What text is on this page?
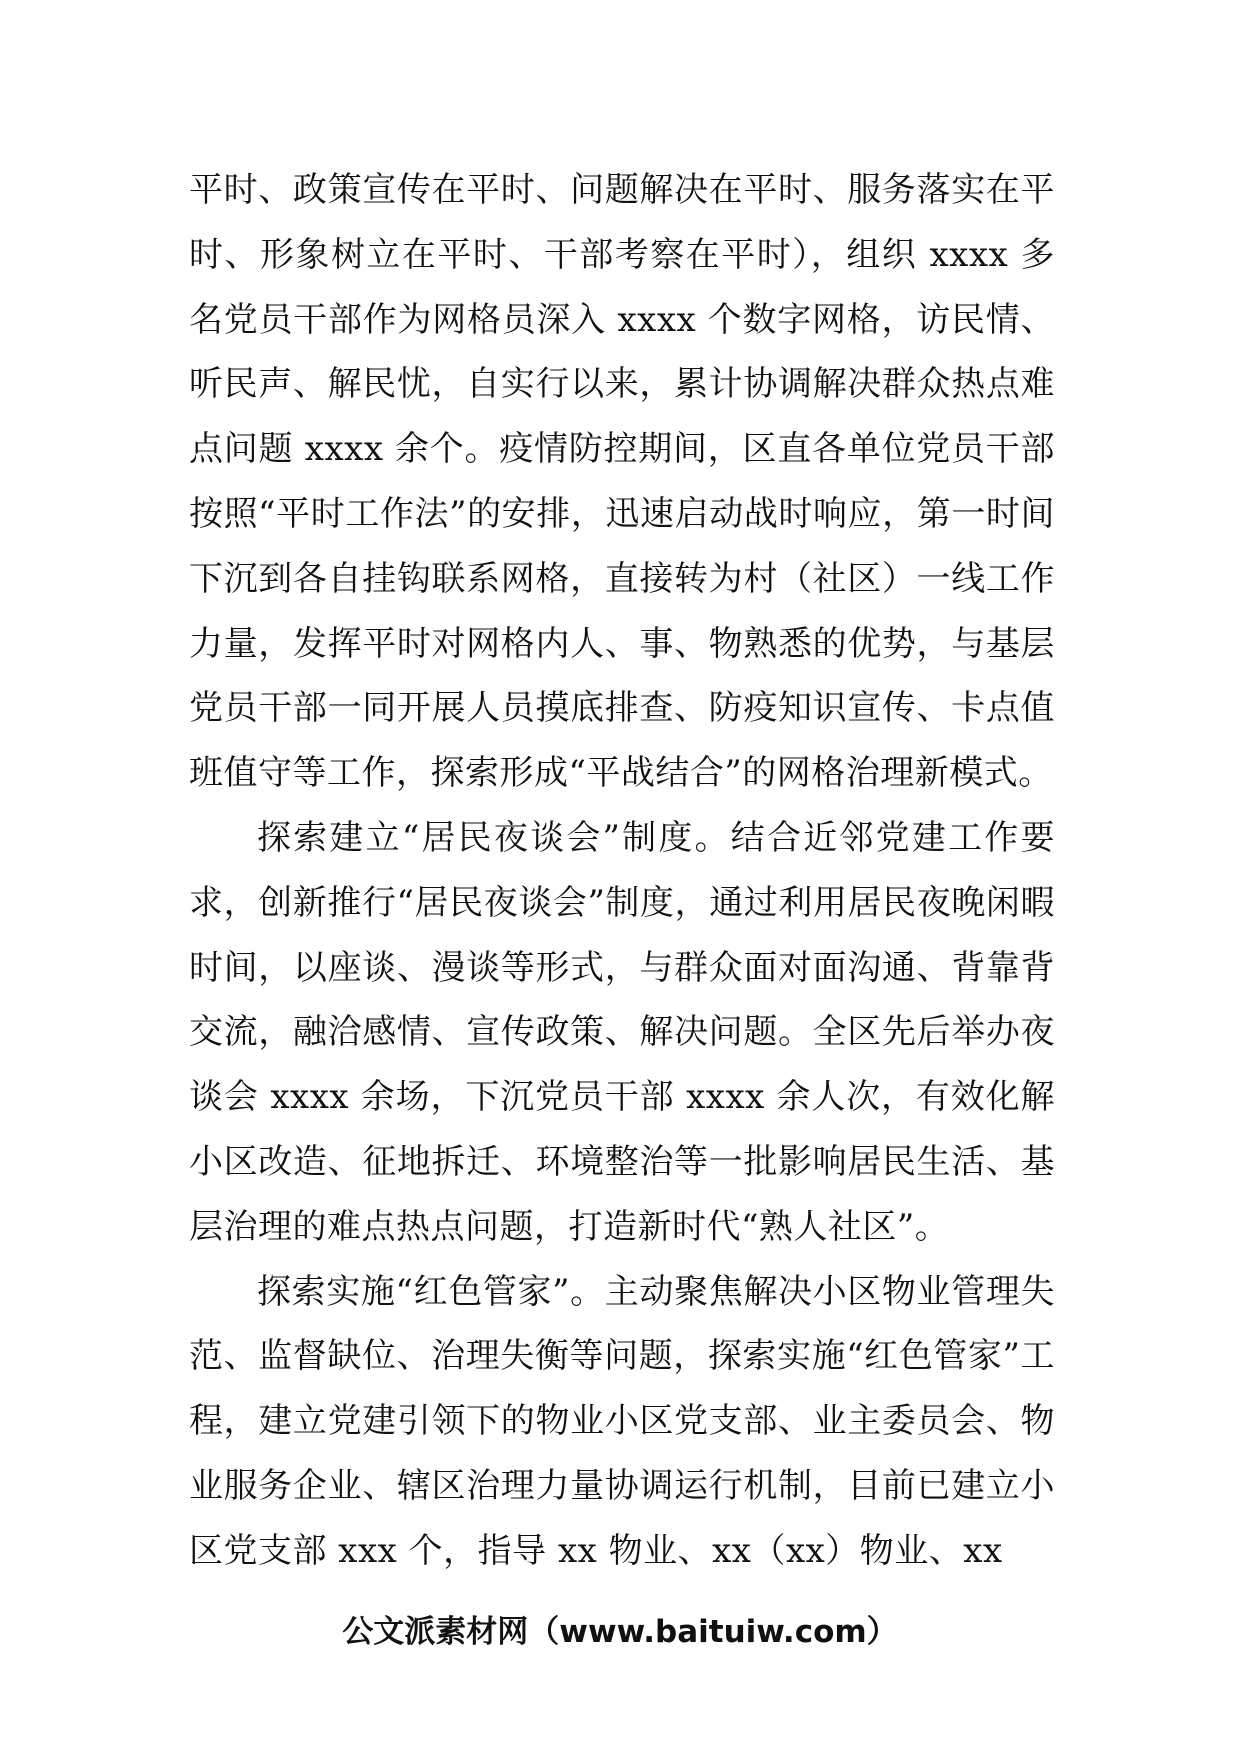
平时、政策宣传在平时、问题解决在平时、服务落实在平时、形象树立在平时、干部考察在平时），组织 xxxx 多名党员干部作为网格员深入 xxxx 个数字网格，访民情、听民声、解民忧，自实行以来，累计协调解决群众热点难点问题 xxxx 余个。疫情防控期间，区直各单位党员干部按照“平时工作法”的安排，迅速启动战时响应，第一时间下沉到各自挂钩联系网格，直接转为村（社区）一线工作力量，发挥平时对网格内人、事、物熟悉的优势，与基层党员干部一同开展人员摸底排查、防疫知识宣传、卡点值班值守等工作，探索形成“平战结合”的网格治理新模式。

探索建立“居民夜谈会”制度。结合近邻党建工作要求，创新推行“居民夜谈会”制度，通过利用居民夜晚闲暇时间，以座谈、漫谈等形式，与群众面对面沟通、背靠背交流，融洽感情、宣传政策、解决问题。全区先后举办夜谈会 xxxx 余场，下沉党员干部 xxxx 余人次，有效化解小区改造、征地拆迁、环境整治等一批影响居民生活、基层治理的难点热点问题，打造新时代“熟人社区”。

探索实施“红色管家”。主动聚焦解决小区物业管理失范、监督缺位、治理失衡等问题，探索实施“红色管家”工程，建立党建引领下的物业小区党支部、业主委员会、物业服务企业、辖区治理力量协调运行机制，目前已建立小区党支部 xxx 个，指导 xx 物业、xx（xx）物业、xx

公文派素材网（www.baituiw.com）
